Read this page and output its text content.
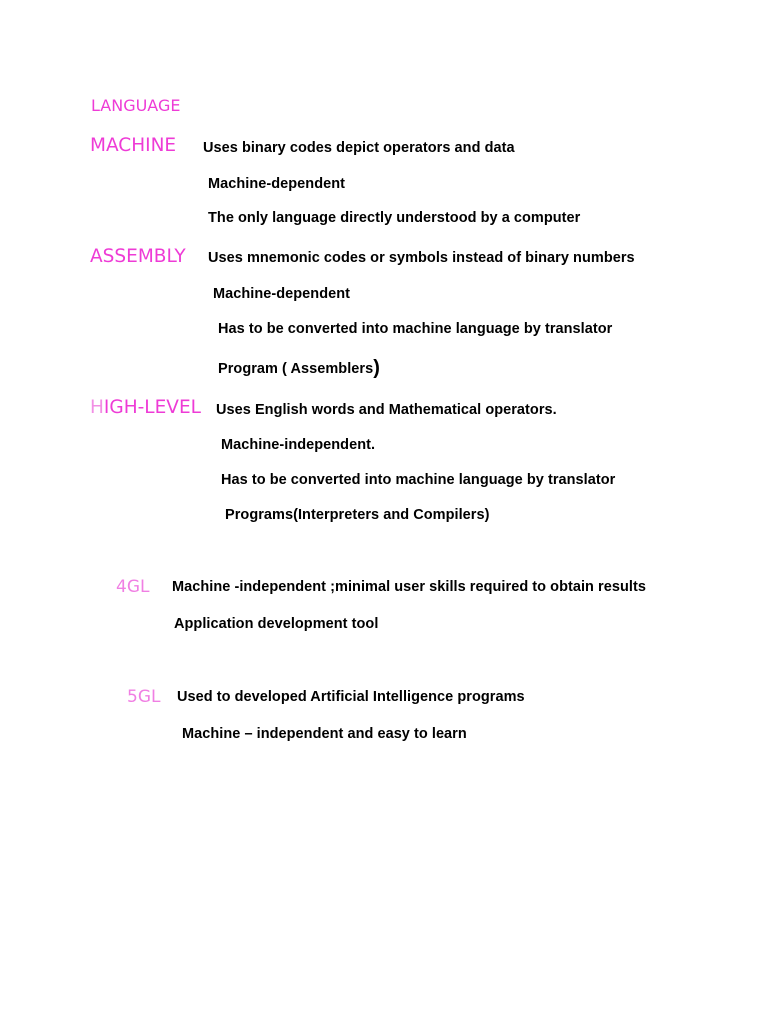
LANGUAGE
MACHINE Uses binary codes depict operators and data
Machine-dependent
The only language directly understood by a computer
ASSEMBLY Uses mnemonic codes or symbols instead of binary numbers
Machine-dependent
Has to be converted into machine language by translator
Program ( Assemblers)
HIGH-LEVEL Uses English words and Mathematical operators.
Machine-independent.
Has to be converted into machine language by translator
Programs(Interpreters and Compilers)
4GL Machine -independent ;minimal user skills required to obtain results
Application development tool
5GL Used to developed Artificial Intelligence programs
Machine – independent and easy to learn
